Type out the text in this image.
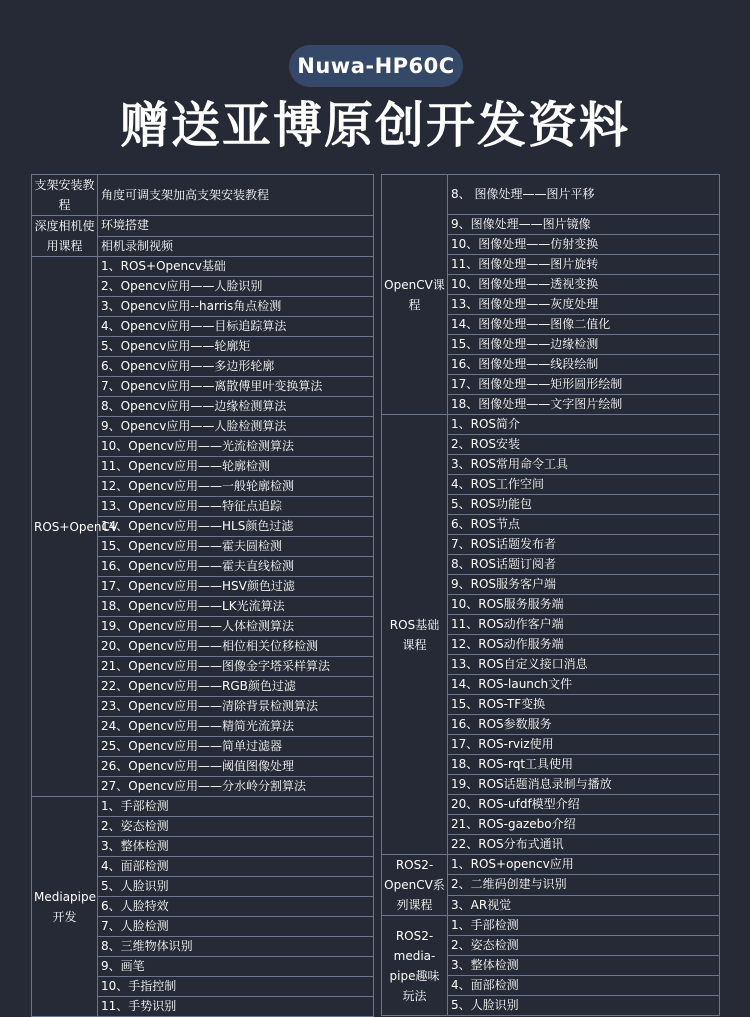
Nuwa-HP60C
赠送亚博原创开发资料
支架安装教程	角度可调支架加高支架安装教程
深度相机使用课程	环境搭建
	相机录制视频
ROS+OpenCV	1、ROS+Opencv基础
	2、Opencv应用——人脸识别
	3、Opencv应用--harris角点检测
	4、Opencv应用——目标追踪算法
	5、Opencv应用——轮廓矩
	6、Opencv应用——多边形轮廓
	7、Opencv应用——离散傅里叶变换算法
	8、Opencv应用——边缘检测算法
	9、Opencv应用——人脸检测算法
	10、Opencv应用——光流检测算法
	11、Opencv应用——轮廓检测
	12、Opencv应用——一般轮廓检测
	13、Opencv应用——特征点追踪
	14、Opencv应用——HLS颜色过滤
	15、Opencv应用——霍夫圆检测
	16、Opencv应用——霍夫直线检测
	17、Opencv应用——HSV颜色过滤
	18、Opencv应用——LK光流算法
	19、Opencv应用——人体检测算法
	20、Opencv应用——相位相关位移检测
	21、Opencv应用——图像金字塔采样算法
	22、Opencv应用——RGB颜色过滤
	23、Opencv应用——清除背景检测算法
	24、Opencv应用——精简光流算法
	25、Opencv应用——简单过滤器
	26、Opencv应用——阈值图像处理
	27、Opencv应用——分水岭分割算法
Mediapipe开发	1、手部检测
	2、姿态检测
	3、整体检测
	4、面部检测
	5、人脸识别
	6、人脸特效
	7、人脸检测
	8、三维物体识别
	9、画笔
	10、手指控制
	11、手势识别
OpenCV课程	8、 图像处理——图片平移
	9、图像处理——图片镜像
	10、图像处理——仿射变换
	11、图像处理——图片旋转
	10、图像处理——透视变换
	13、图像处理——灰度处理
	14、图像处理——图像二值化
	15、图像处理——边缘检测
	16、图像处理——线段绘制
	17、图像处理——矩形圆形绘制
	18、图像处理——文字图片绘制
ROS基础课程	1、ROS简介
	2、ROS安装
	3、ROS常用命令工具
	4、ROS工作空间
	5、ROS功能包
	6、ROS节点
	7、ROS话题发布者
	8、ROS话题订阅者
	9、ROS服务客户端
	10、ROS服务服务端
	11、ROS动作客户端
	12、ROS动作服务端
	13、ROS自定义接口消息
	14、ROS-launch文件
	15、ROS-TF变换
	16、ROS参数服务
	17、ROS-rviz使用
	18、ROS-rqt工具使用
	19、ROS话题消息录制与播放
	20、ROS-ufdf模型介绍
	21、ROS-gazebo介绍
	22、ROS分布式通讯
ROS2-OpenCV系列课程	1、ROS+opencv应用
	2、二维码创建与识别
	3、AR视觉
ROS2-media-pipe趣味玩法	1、手部检测
	2、姿态检测
	3、整体检测
	4、面部检测
	5、人脸识别
